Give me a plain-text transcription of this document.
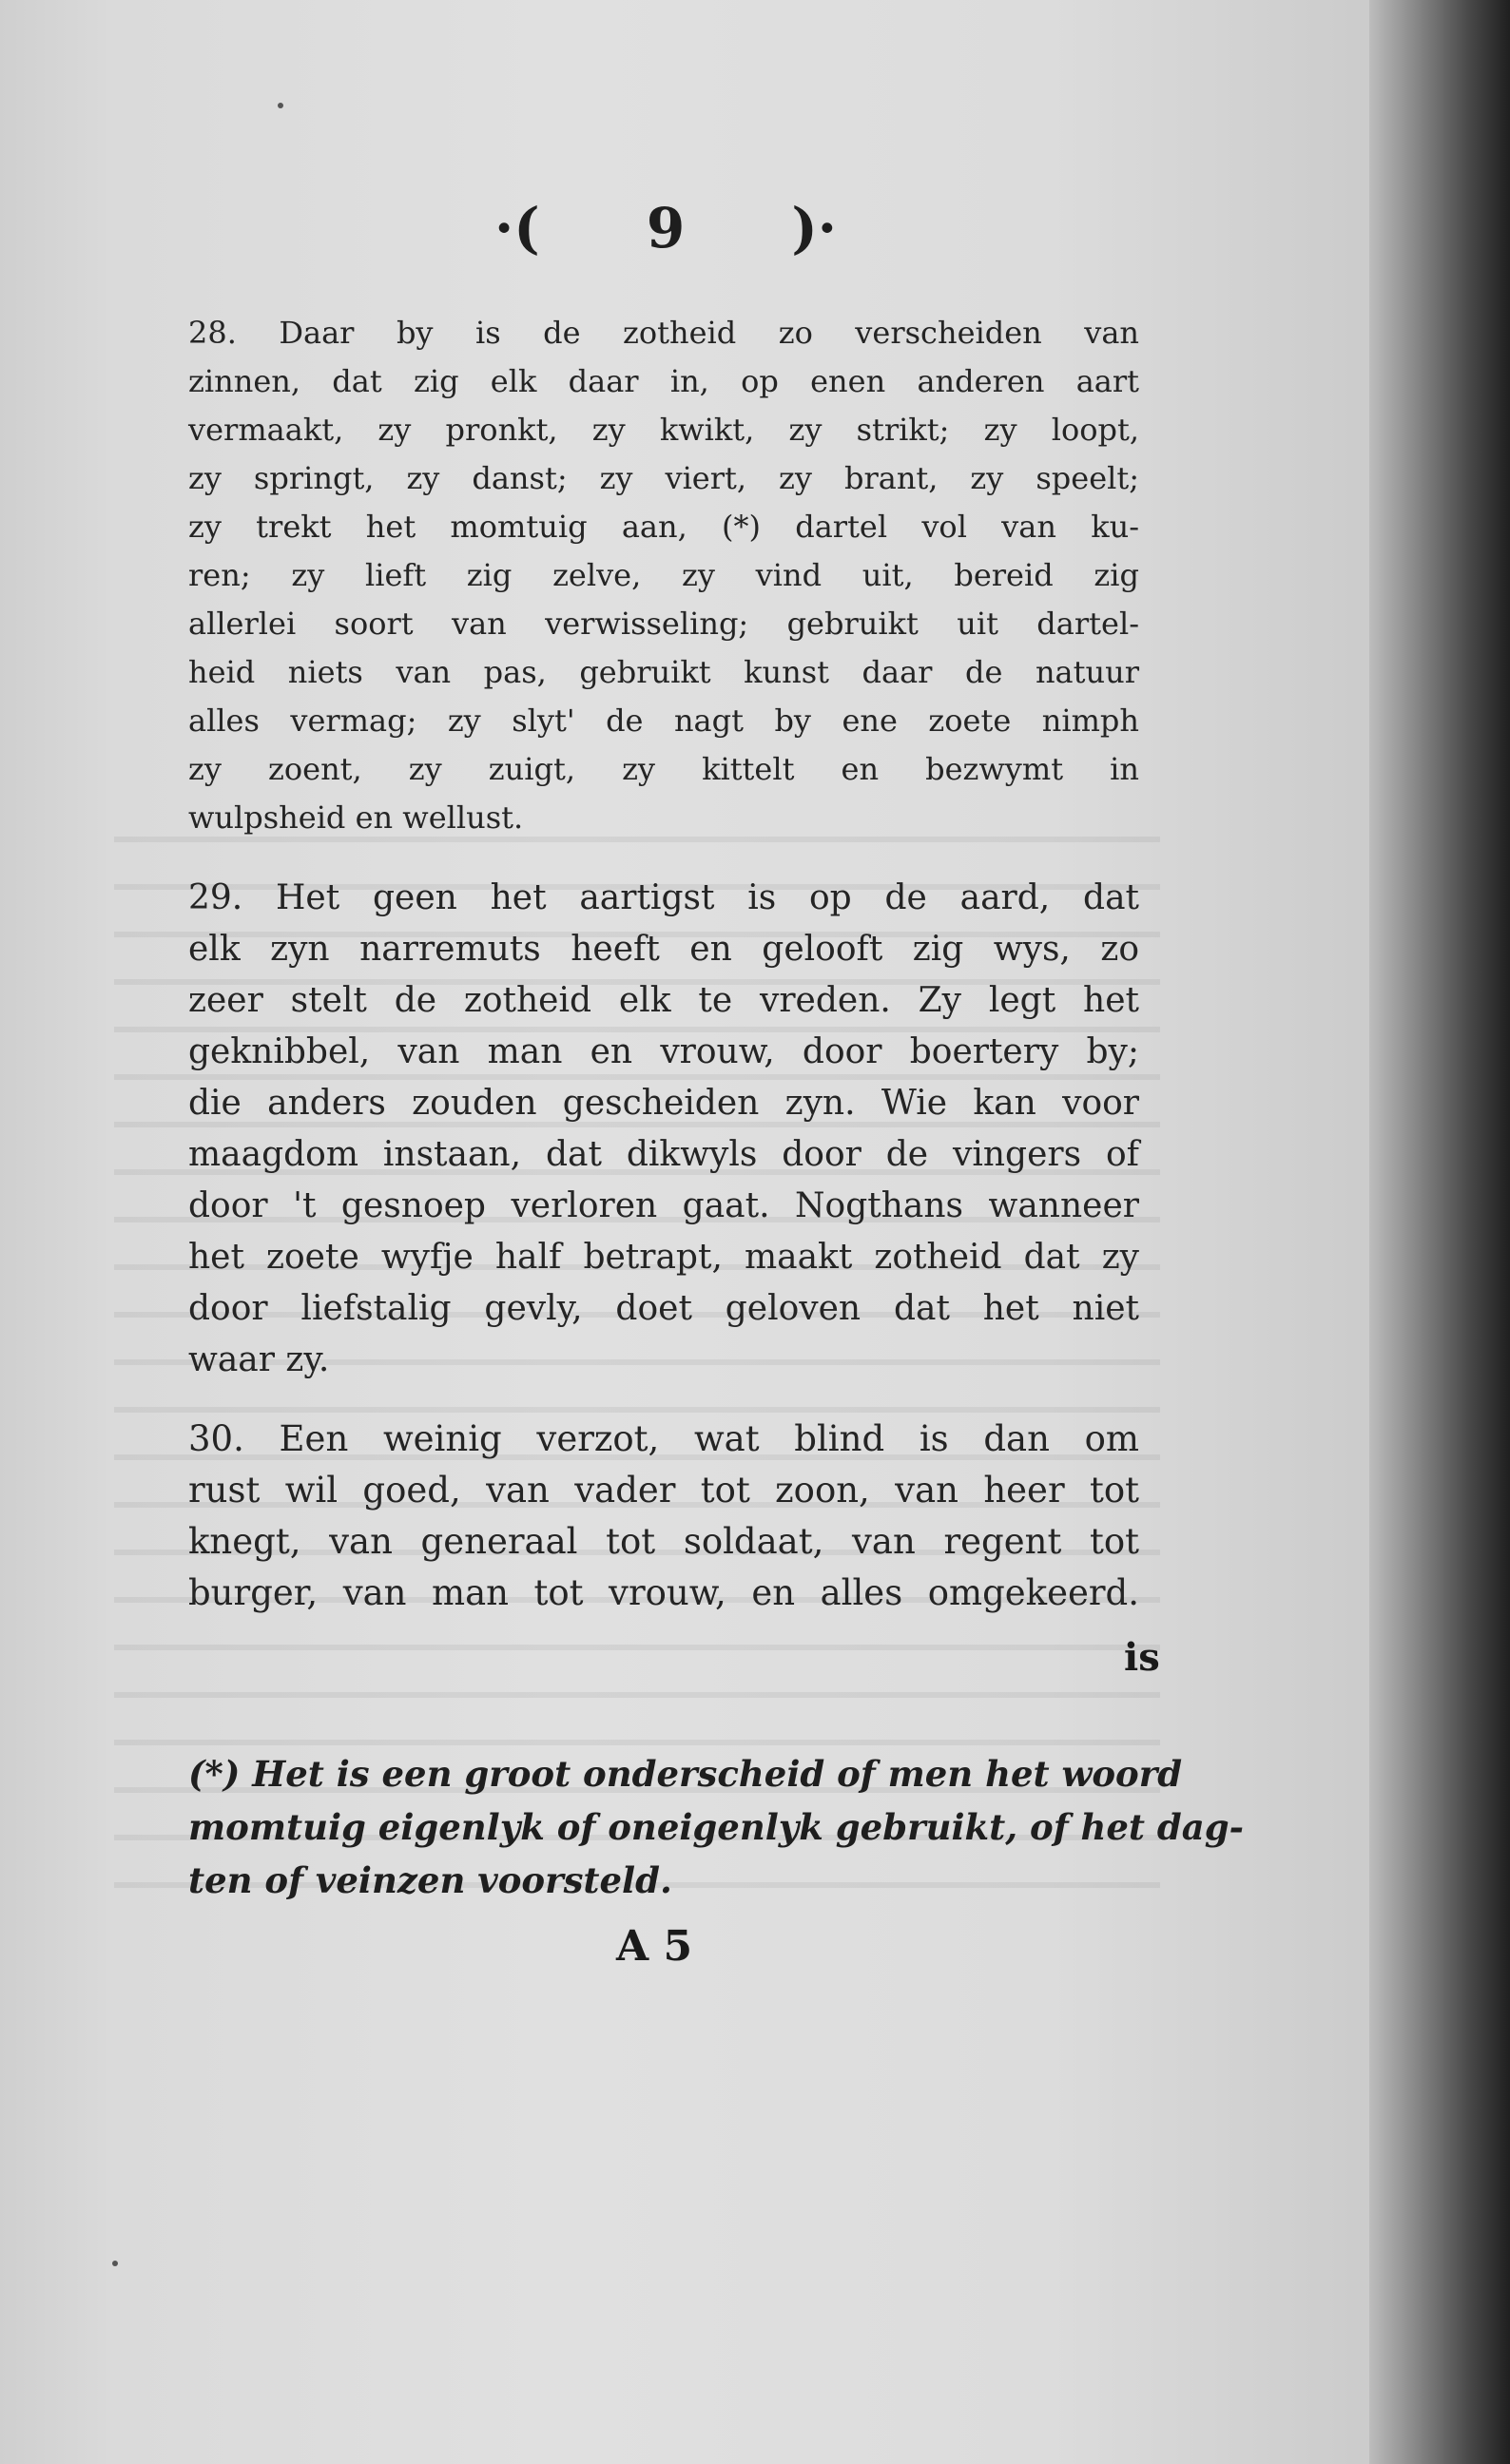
·( 9 )·
28. Daar by is de zotheid zo verscheiden van
zinnen, dat zig elk daar in, op enen anderen aart
vermaakt, zy pronkt, zy kwikt, zy strikt; zy loopt,
zy springt, zy danst; zy viert, zy brant, zy speelt;
zy trekt het momtuig aan, (*) dartel vol van ku-
ren; zy lieft zig zelve, zy vind uit, bereid zig
allerlei soort van verwisseling; gebruikt uit dartel-
heid niets van pas, gebruikt kunst daar de natuur
alles vermag; zy slyt' de nagt by ene zoete nimph
zy zoent, zy zuigt, zy kittelt en bezwymt in
wulpsheid en wellust.
29. Het geen het aartigst is op de aard, dat
elk zyn narremuts heeft en gelooft zig wys, zo
zeer stelt de zotheid elk te vreden. Zy legt het
geknibbel, van man en vrouw, door boertery by;
die anders zouden gescheiden zyn. Wie kan voor
maagdom instaan, dat dikwyls door de vingers of
door 't gesnoep verloren gaat. Nogthans wanneer
het zoete wyfje half betrapt, maakt zotheid dat zy
door liefstalig gevly, doet geloven dat het niet
waar zy.
30. Een weinig verzot, wat blind is dan om
rust wil goed, van vader tot zoon, van heer tot
knegt, van generaal tot soldaat, van regent tot
burger, van man tot vrouw, en alles omgekeerd.
is
(*) Het is een groot onderscheid of men het woord
momtuig eigenlyk of oneigenlyk gebruikt, of het dag-
ten of veinzen voorsteld.
A 5
